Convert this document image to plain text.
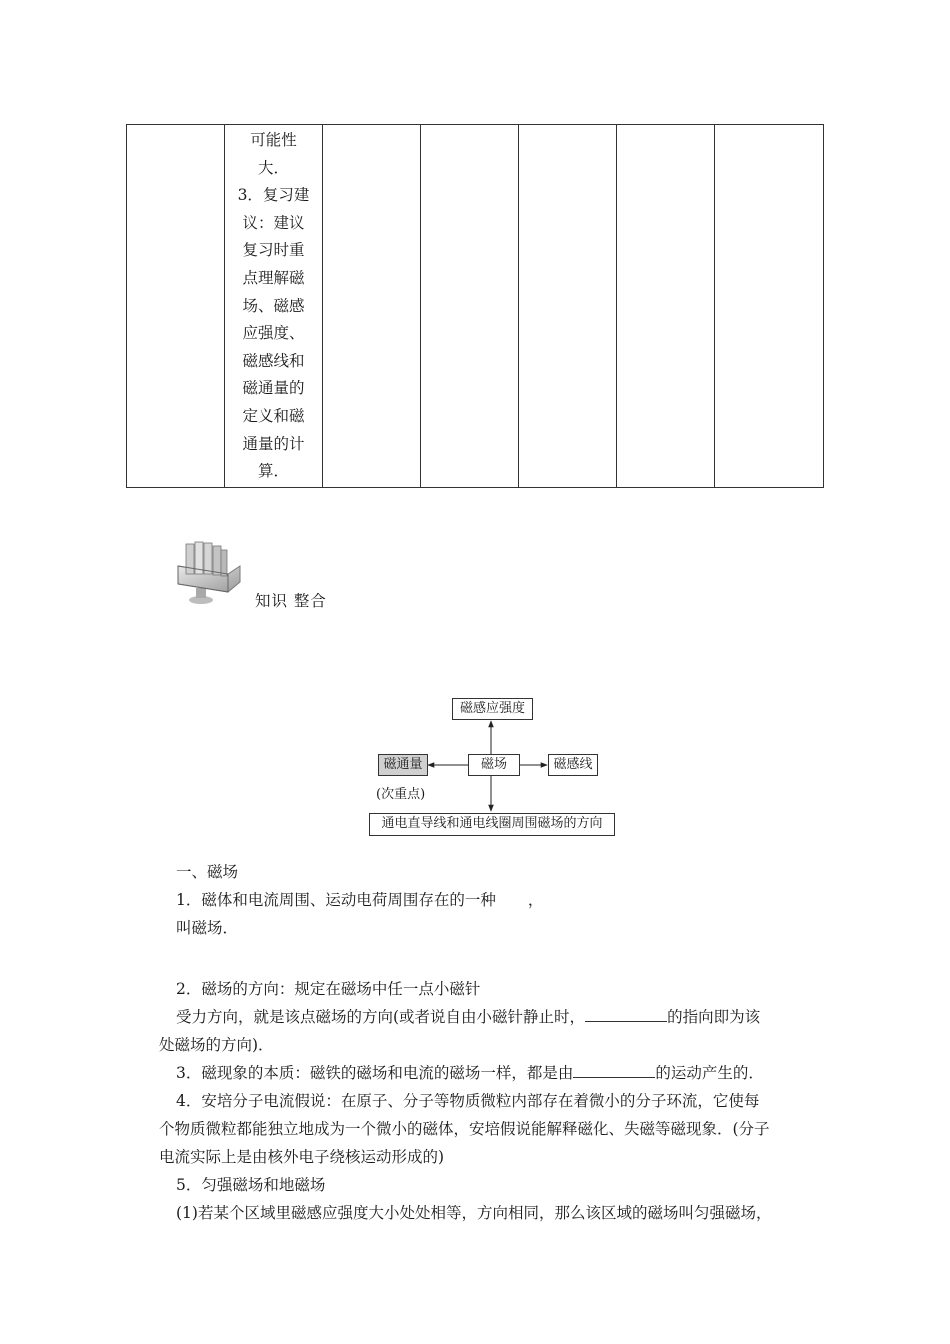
可能性
大．
3．复习建
议：建议
复习时重
点理解磁
场、磁感
应强度、
磁感线和
磁通量的
定义和磁
通量的计
算．

知识 整合
磁感应强度
磁场
磁通量	磁感线
通电直导线和通电线圈周围磁场的方向
(次重点)
一、磁场
1．磁体和电流周围、运动电荷周围存在的一种 ，
叫磁场．
2．磁场的方向：规定在磁场中任一点小磁针
受力方向，就是该点磁场的方向(或者说自由小磁针静止时，	的指向即为该
处磁场的方向)．
3．磁现象的本质：磁铁的磁场和电流的磁场一样，都是由	的运动产生的．
4．安培分子电流假说：在原子、分子等物质微粒内部存在着微小的分子环流，它使每
个物质微粒都能独立地成为一个微小的磁体，安培假说能解释磁化、失磁等磁现象．(分子
电流实际上是由核外电子绕核运动形成的)
5．匀强磁场和地磁场
(1)若某个区域里磁感应强度大小处处相等，方向相同，那么该区域的磁场叫匀强磁场，
